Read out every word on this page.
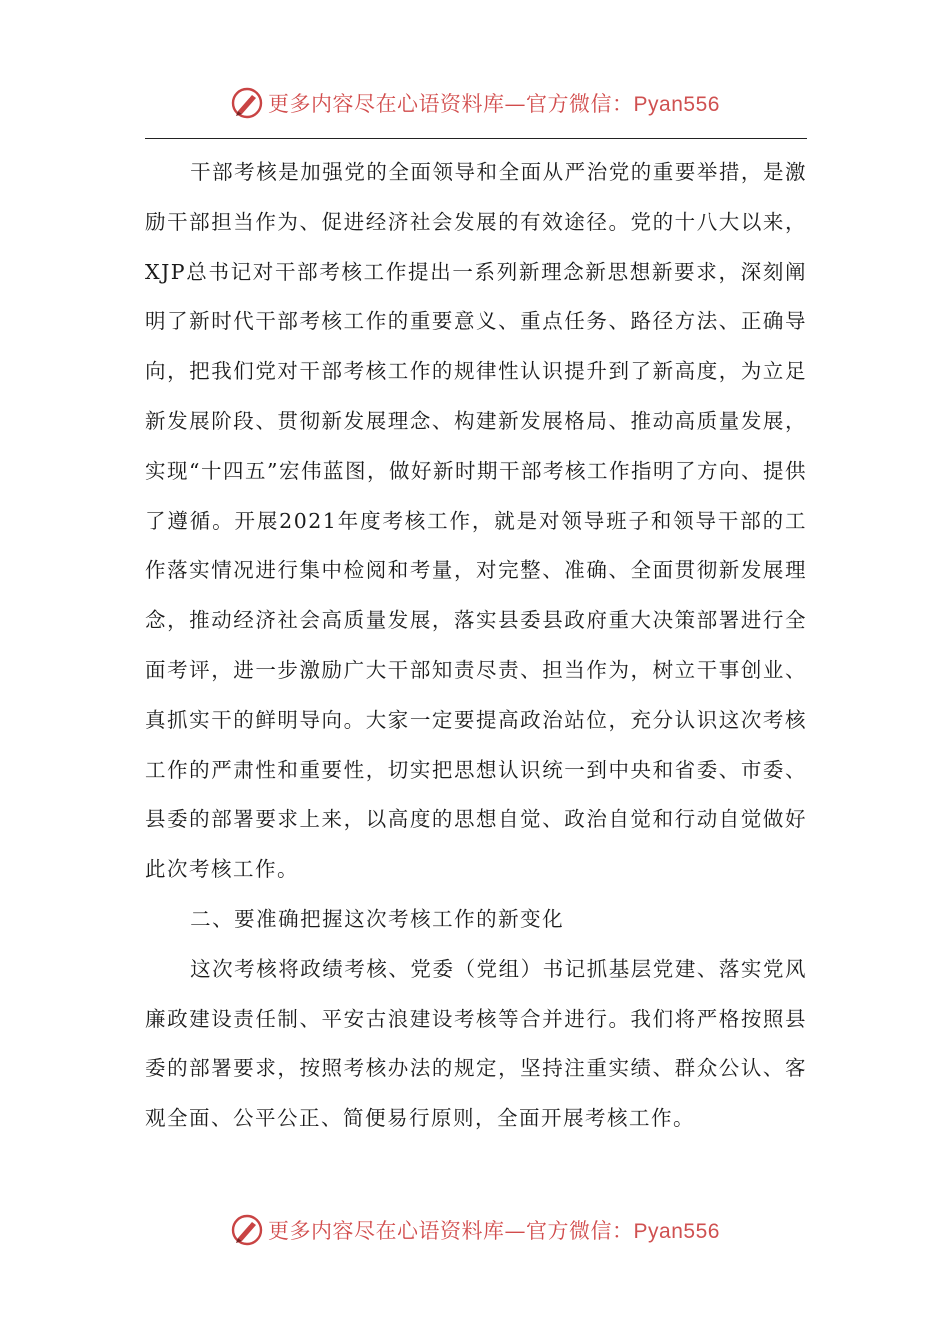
更多内容尽在心语资料库—官方微信：Pyan556

干部考核是加强党的全面领导和全面从严治党的重要举措，是激励干部担当作为、促进经济社会发展的有效途径。党的十八大以来，XJP总书记对干部考核工作提出一系列新理念新思想新要求，深刻阐明了新时代干部考核工作的重要意义、重点任务、路径方法、正确导向，把我们党对干部考核工作的规律性认识提升到了新高度，为立足新发展阶段、贯彻新发展理念、构建新发展格局、推动高质量发展，实现“十四五”宏伟蓝图，做好新时期干部考核工作指明了方向、提供了遵循。开展2021年度考核工作，就是对领导班子和领导干部的工作落实情况进行集中检阅和考量，对完整、准确、全面贯彻新发展理念，推动经济社会高质量发展，落实县委县政府重大决策部署进行全面考评，进一步激励广大干部知责尽责、担当作为，树立干事创业、真抓实干的鲜明导向。大家一定要提高政治站位，充分认识这次考核工作的严肃性和重要性，切实把思想认识统一到中央和省委、市委、县委的部署要求上来，以高度的思想自觉、政治自觉和行动自觉做好此次考核工作。

二、要准确把握这次考核工作的新变化

这次考核将政绩考核、党委（党组）书记抓基层党建、落实党风廉政建设责任制、平安古浪建设考核等合并进行。我们将严格按照县委的部署要求，按照考核办法的规定，坚持注重实绩、群众公认、客观全面、公平公正、简便易行原则，全面开展考核工作。

更多内容尽在心语资料库—官方微信：Pyan556
